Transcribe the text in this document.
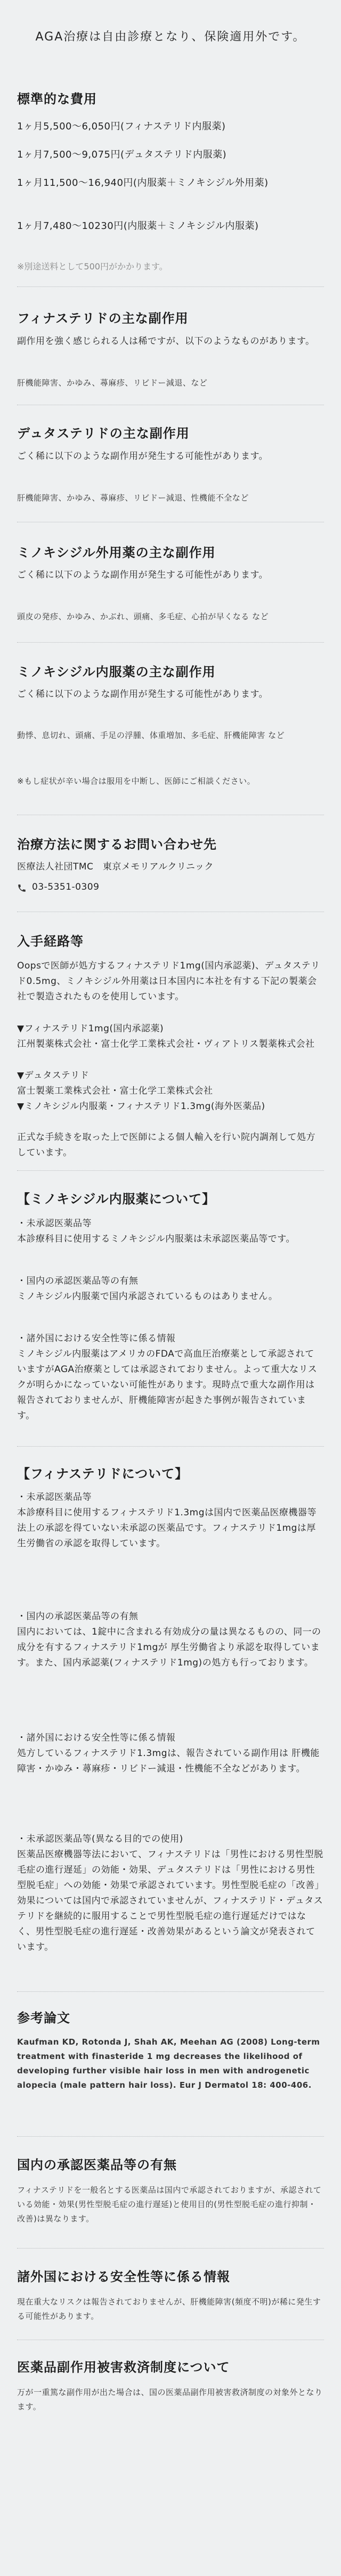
AGA治療は自由診療となり、保険適用外です。
標準的な費用
1ヶ月5,500〜6,050円(フィナステリド内服薬)
1ヶ月7,500〜9,075円(デュタステリド内服薬)
1ヶ月11,500〜16,940円(内服薬＋ミノキシジル外用薬)
1ヶ月7,480〜10230円(内服薬＋ミノキシジル内服薬)
※別途送料として500円がかかります。
フィナステリドの主な副作用
副作用を強く感じられる人は稀ですが、以下のようなものがあります。
肝機能障害、かゆみ、蕁麻疹、リビドー減退、など
デュタステリドの主な副作用
ごく稀に以下のような副作用が発生する可能性があります。
肝機能障害、かゆみ、蕁麻疹、リビドー減退、性機能不全など
ミノキシジル外用薬の主な副作用
ごく稀に以下のような副作用が発生する可能性があります。
頭皮の発疹、かゆみ、かぶれ、頭痛、多毛症、心拍が早くなる など
ミノキシジル内服薬の主な副作用
ごく稀に以下のような副作用が発生する可能性があります。
動悸、息切れ、頭痛、手足の浮腫、体重増加、多毛症、肝機能障害 など
※もし症状が辛い場合は服用を中断し、医師にご相談ください。
治療方法に関するお問い合わせ先
医療法人社団TMC　東京メモリアルクリニック
03-5351-0309
入手経路等
Oopsで医師が処方するフィナステリド1mg(国内承認薬)、デュタステリド0.5mg、ミノキシジル外用薬は日本国内に本社を有する下記の製薬会社で製造されたものを使用しています。
▼フィナステリド1mg(国内承認薬)
江州製薬株式会社・富士化学工業株式会社・ヴィアトリス製薬株式会社
▼デュタステリド
富士製薬工業株式会社・富士化学工業株式会社
▼ミノキシジル内服薬・フィナステリド1.3mg(海外医薬品)
正式な手続きを取った上で医師による個人輸入を行い院内調剤して処方しています。
【ミノキシジル内服薬について】
・未承認医薬品等
本診療科目に使用するミノキシジル内服薬は未承認医薬品等です。
・国内の承認医薬品等の有無
ミノキシジル内服薬で国内承認されているものはありません。
・諸外国における安全性等に係る情報
ミノキシジル内服薬はアメリカのFDAで高血圧治療薬として承認されていますがAGA治療薬としては承認されておりません。よって重大なリスクが明らかになっていない可能性があります。現時点で重大な副作用は報告されておりませんが、肝機能障害が起きた事例が報告されています。
【フィナステリドについて】
・未承認医薬品等
本診療科目に使用するフィナステリド1.3mgは国内で医薬品医療機器等法上の承認を得ていない未承認の医薬品です。フィナステリド1mgは厚生労働省の承認を取得しています。
・国内の承認医薬品等の有無
国内においては、1錠中に含まれる有効成分の量は異なるものの、同一の成分を有するフィナステリド1mgが 厚生労働省より承認を取得しています。また、国内承認薬(フィナステリド1mg)の処方も行っております。
・諸外国における安全性等に係る情報
処方しているフィナステリド1.3mgは、報告されている副作用は 肝機能障害・かゆみ・蕁麻疹・リビドー減退・性機能不全などがあります。
・未承認医薬品等(異なる目的での使用)
医薬品医療機器等法において、フィナステリドは「男性における男性型脱毛症の進行遅延」の効能・効果、デュタステリドは「男性における男性型脱毛症」への効能・効果で承認されています。男性型脱毛症の「改善」効果については国内で承認されていませんが、フィナステリド・デュタステリドを継続的に服用することで男性型脱毛症の進行遅延だけではなく、男性型脱毛症の進行遅延・改善効果があるという論文が発表されています。
参考論文
Kaufman KD, Rotonda J, Shah AK, Meehan AG (2008) Long-term treatment with finasteride 1 mg decreases the likelihood of developing further visible hair loss in men with androgenetic alopecia (male pattern hair loss). Eur J Dermatol 18: 400-406.
国内の承認医薬品等の有無
フィナステリドを一般名とする医薬品は国内で承認されておりますが、承認されている効能・効果(男性型脱毛症の進行遅延)と使用目的(男性型脱毛症の進行抑制・改善)は異なります。
諸外国における安全性等に係る情報
現在重大なリスクは報告されておりませんが、肝機能障害(頻度不明)が稀に発生する可能性があります。
医薬品副作用被害救済制度について
万が一重篤な副作用が出た場合は、国の医薬品副作用被害救済制度の対象外となります。
